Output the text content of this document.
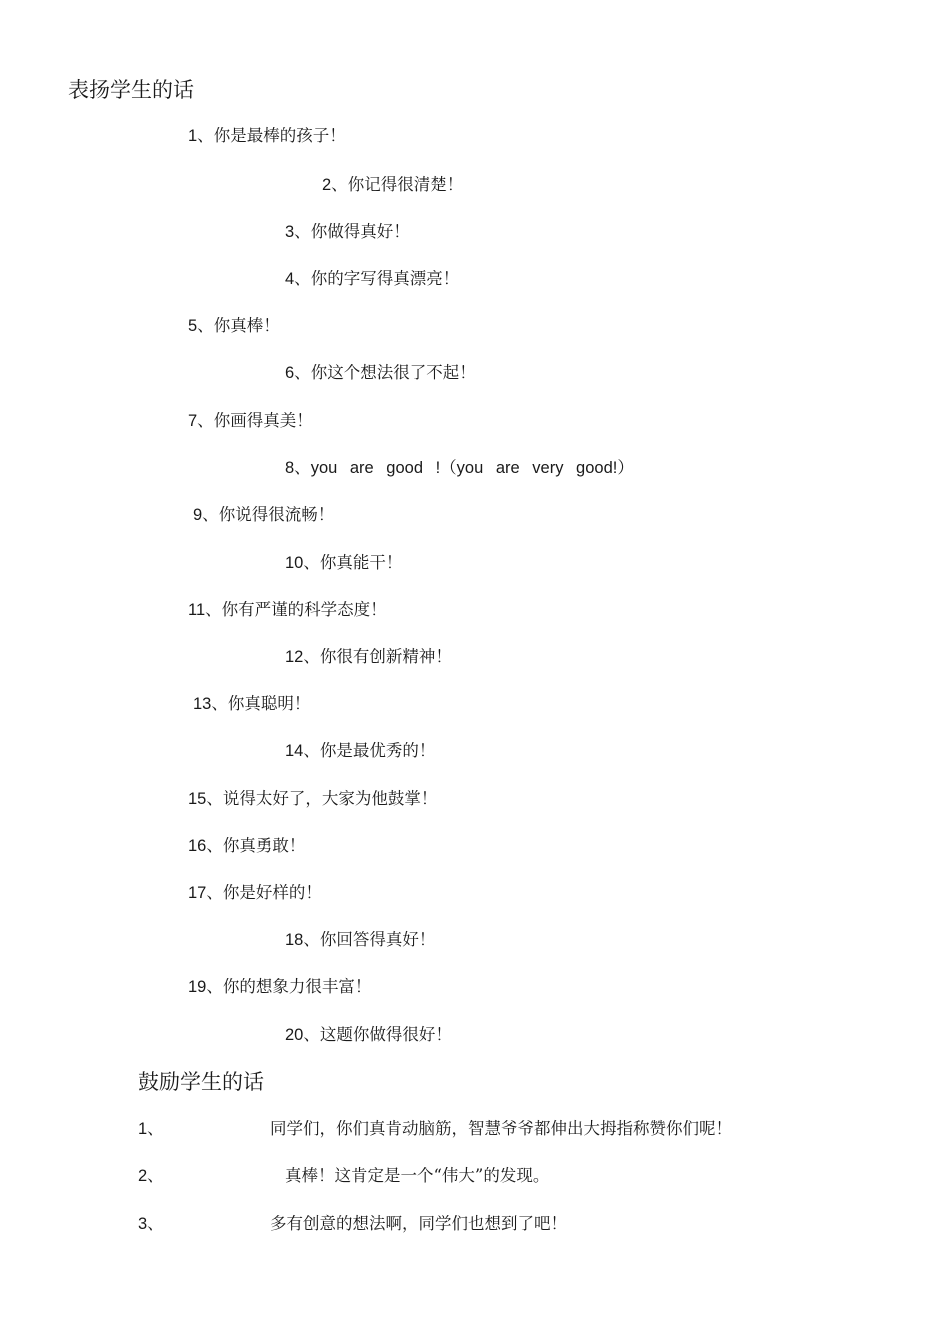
表扬学生的话
1、你是最棒的孩子！
2、你记得很清楚！
3、你做得真好！
4、你的字写得真漂亮！
5、你真棒！
6、你这个想法很了不起！
7、你画得真美！
8、you are good !（you are very good!）
9、你说得很流畅！
10、你真能干！
11、你有严谨的科学态度！
12、你很有创新精神！
13、你真聪明！
14、你是最优秀的！
15、说得太好了，大家为他鼓掌！
16、你真勇敢！
17、你是好样的！
18、你回答得真好！
19、你的想象力很丰富！
20、这题你做得很好！
鼓励学生的话
1、	同学们，你们真肯动脑筋，智慧爷爷都伸出大拇指称赞你们呢！
2、	真棒！这肯定是一个“伟大”的发现。
3、	多有创意的想法啊，同学们也想到了吧！
